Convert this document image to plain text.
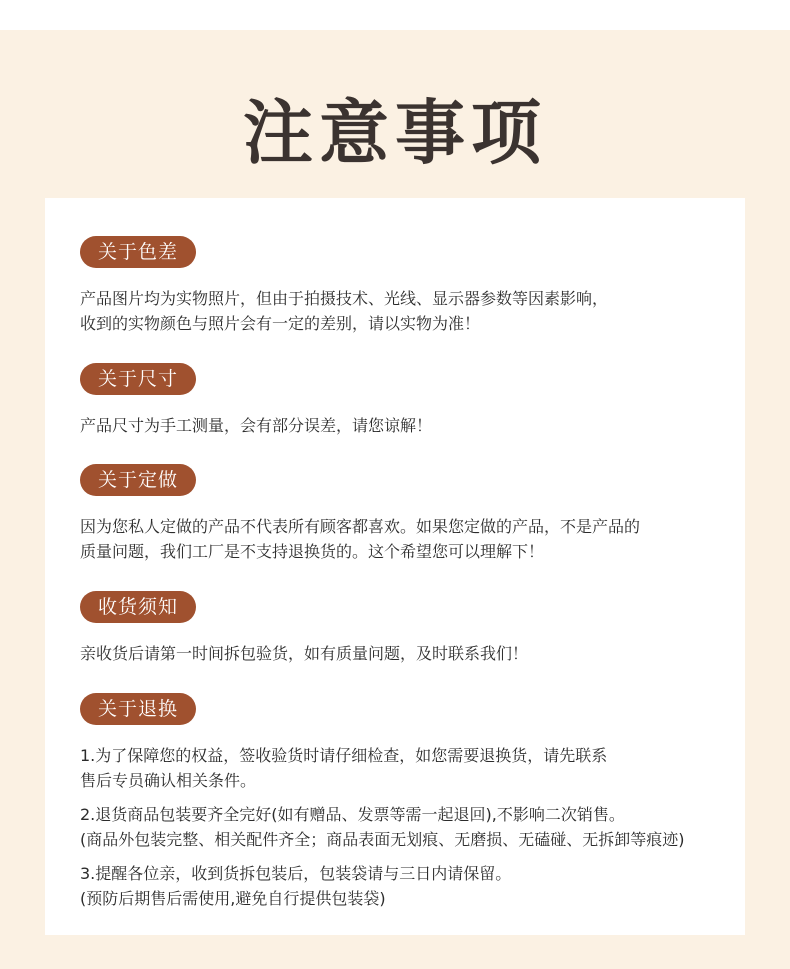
注意事项
关于色差

产品图片均为实物照片，但由于拍摄技术、光线、显示器参数等因素影响，
收到的实物颜色与照片会有一定的差别，请以实物为准！

关于尺寸

产品尺寸为手工测量，会有部分误差，请您谅解！

关于定做

因为您私人定做的产品不代表所有顾客都喜欢。如果您定做的产品，不是产品的
质量问题，我们工厂是不支持退换货的。这个希望您可以理解下！

收货须知

亲收货后请第一时间拆包验货，如有质量问题，及时联系我们！

关于退换

1.为了保障您的权益，签收验货时请仔细检查，如您需要退换货，请先联系
售后专员确认相关条件。

2.退货商品包装要齐全完好(如有赠品、发票等需一起退回),不影响二次销售。
(商品外包装完整、相关配件齐全；商品表面无划痕、无磨损、无磕碰、无拆卸等痕迹)

3.提醒各位亲，收到货拆包装后，包装袋请与三日内请保留。
(预防后期售后需使用,避免自行提供包装袋)
